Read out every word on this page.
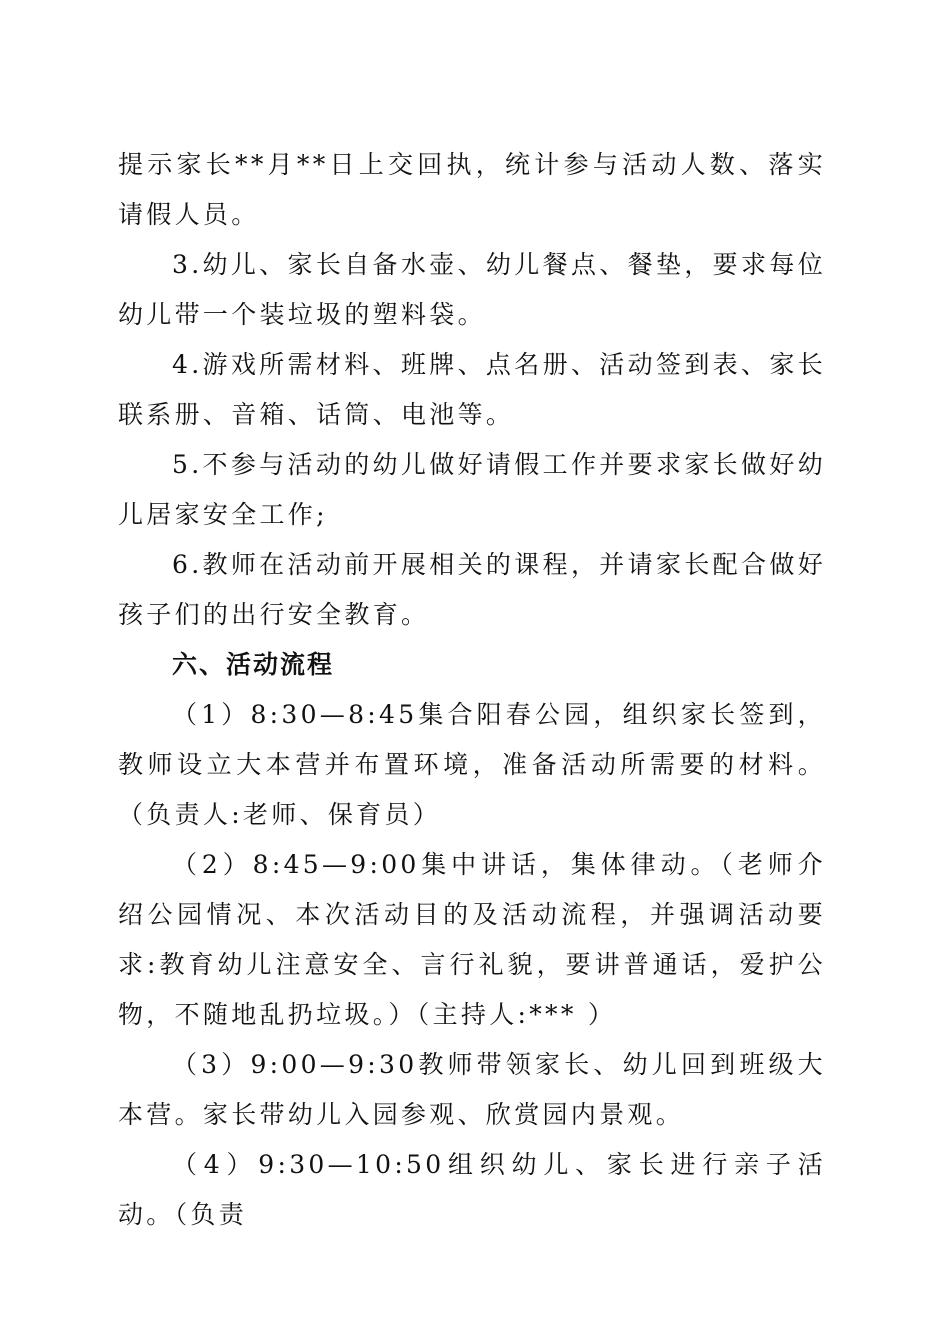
提示家长**月**日上交回执，统计参与活动人数、落实请假人员。

3.幼儿、家长自备水壶、幼儿餐点、餐垫，要求每位幼儿带一个装垃圾的塑料袋。

4.游戏所需材料、班牌、点名册、活动签到表、家长联系册、音箱、话筒、电池等。

5.不参与活动的幼儿做好请假工作并要求家长做好幼儿居家安全工作;

6.教师在活动前开展相关的课程，并请家长配合做好孩子们的出行安全教育。

六、活动流程

（1）8:30—8:45集合阳春公园，组织家长签到，教师设立大本营并布置环境，准备活动所需要的材料。（负责人:老师、保育员）

（2）8:45—9:00集中讲话，集体律动。（老师介绍公园情况、本次活动目的及活动流程，并强调活动要求:教育幼儿注意安全、言行礼貌，要讲普通话，爱护公物，不随地乱扔垃圾。）（主持人:*** ）

（3）9:00—9:30教师带领家长、幼儿回到班级大本营。家长带幼儿入园参观、欣赏园内景观。

（4）9:30—10:50组织幼儿、家长进行亲子活动。（负责
